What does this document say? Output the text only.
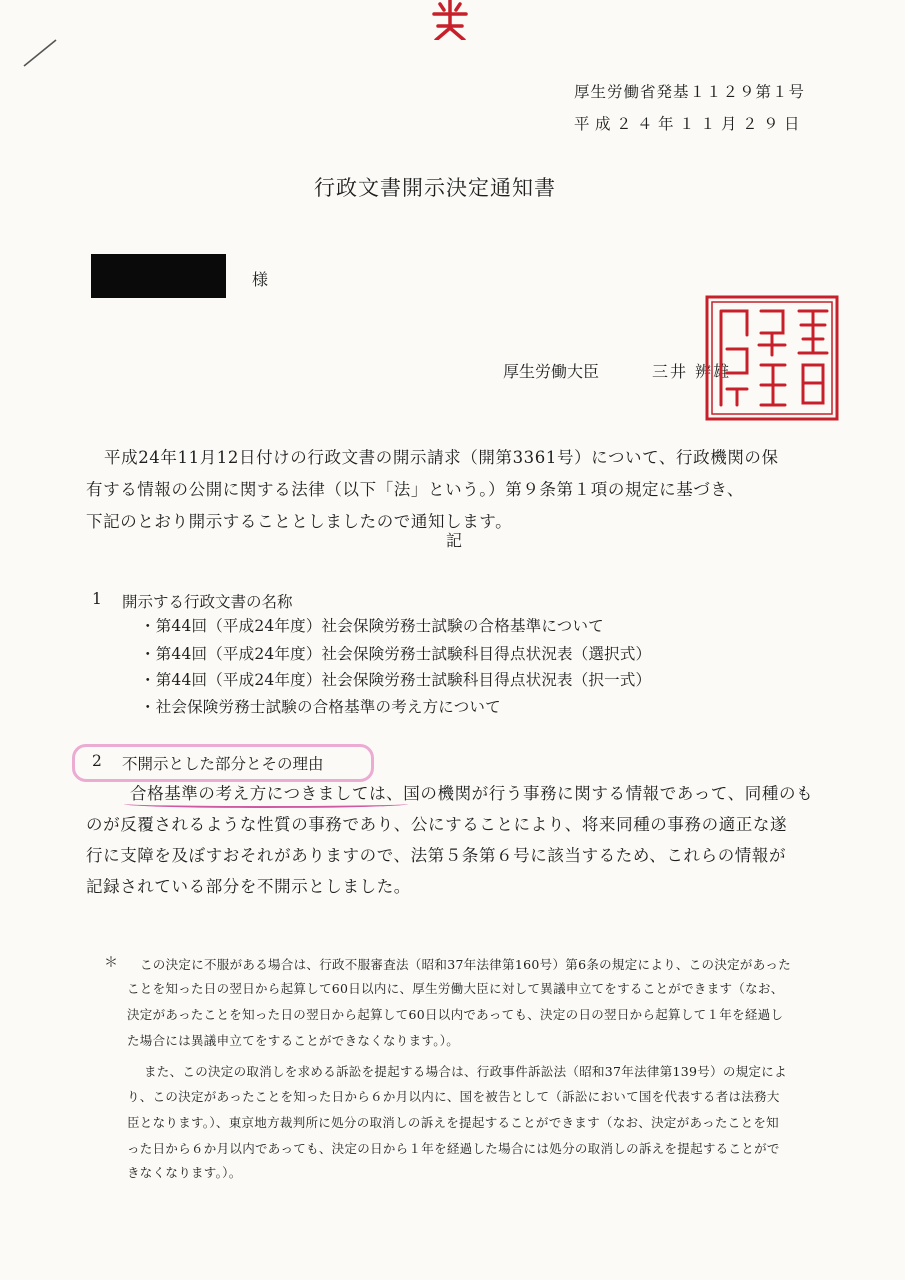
厚生労働省発基１１２９第１号
平成２４年１１月２９日
行政文書開示決定通知書
様
厚生労働大臣	三井 辨雄
平成24年11月12日付けの行政文書の開示請求（開第3361号）について、行政機関の保
有する情報の公開に関する法律（以下「法」という。）第９条第１項の規定に基づき、
下記のとおり開示することとしましたので通知します。
記
1 開示する行政文書の名称
・第44回（平成24年度）社会保険労務士試験の合格基準について
・第44回（平成24年度）社会保険労務士試験科目得点状況表（選択式）
・第44回（平成24年度）社会保険労務士試験科目得点状況表（択一式）
・社会保険労務士試験の合格基準の考え方について
2 不開示とした部分とその理由
合格基準の考え方につきましては、国の機関が行う事務に関する情報であって、同種のも
のが反覆されるような性質の事務であり、公にすることにより、将来同種の事務の適正な遂
行に支障を及ぼすおそれがありますので、法第５条第６号に該当するため、これらの情報が
記録されている部分を不開示としました。
＊ この決定に不服がある場合は、行政不服審査法（昭和37年法律第160号）第6条の規定により、この決定があった
ことを知った日の翌日から起算して60日以内に、厚生労働大臣に対して異議申立てをすることができます（なお、
決定があったことを知った日の翌日から起算して60日以内であっても、決定の日の翌日から起算して１年を経過し
た場合には異議申立てをすることができなくなります。）。
また、この決定の取消しを求める訴訟を提起する場合は、行政事件訴訟法（昭和37年法律第139号）の規定によ
り、この決定があったことを知った日から６か月以内に、国を被告として（訴訟において国を代表する者は法務大
臣となります。）、東京地方裁判所に処分の取消しの訴えを提起することができます（なお、決定があったことを知
った日から６か月以内であっても、決定の日から１年を経過した場合には処分の取消しの訴えを提起することがで
きなくなります。）。
